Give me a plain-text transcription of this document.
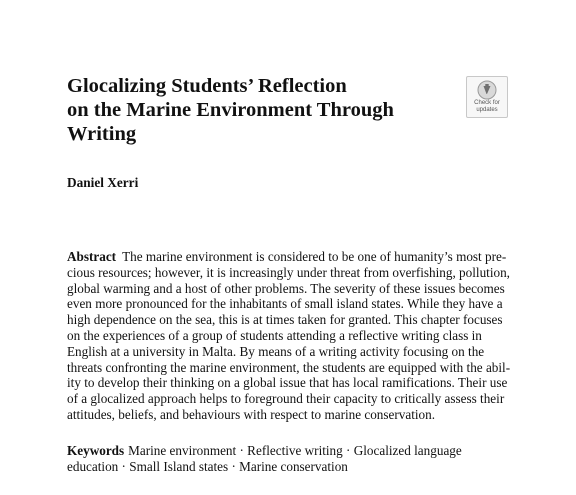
Glocalizing Students’ Reflection
on the Marine Environment Through
Writing
Check for
updates

Daniel Xerri

Abstract The marine environment is considered to be one of humanity’s most pre-
cious resources; however, it is increasingly under threat from overfishing, pollution,
global warming and a host of other problems. The severity of these issues becomes
even more pronounced for the inhabitants of small island states. While they have a
high dependence on the sea, this is at times taken for granted. This chapter focuses
on the experiences of a group of students attending a reflective writing class in
English at a university in Malta. By means of a writing activity focusing on the
threats confronting the marine environment, the students are equipped with the abil-
ity to develop their thinking on a global issue that has local ramifications. Their use
of a glocalized approach helps to foreground their capacity to critically assess their
attitudes, beliefs, and behaviours with respect to marine conservation.
Keywords Marine environment · Reflective writing · Glocalized language
education · Small Island states · Marine conservation
